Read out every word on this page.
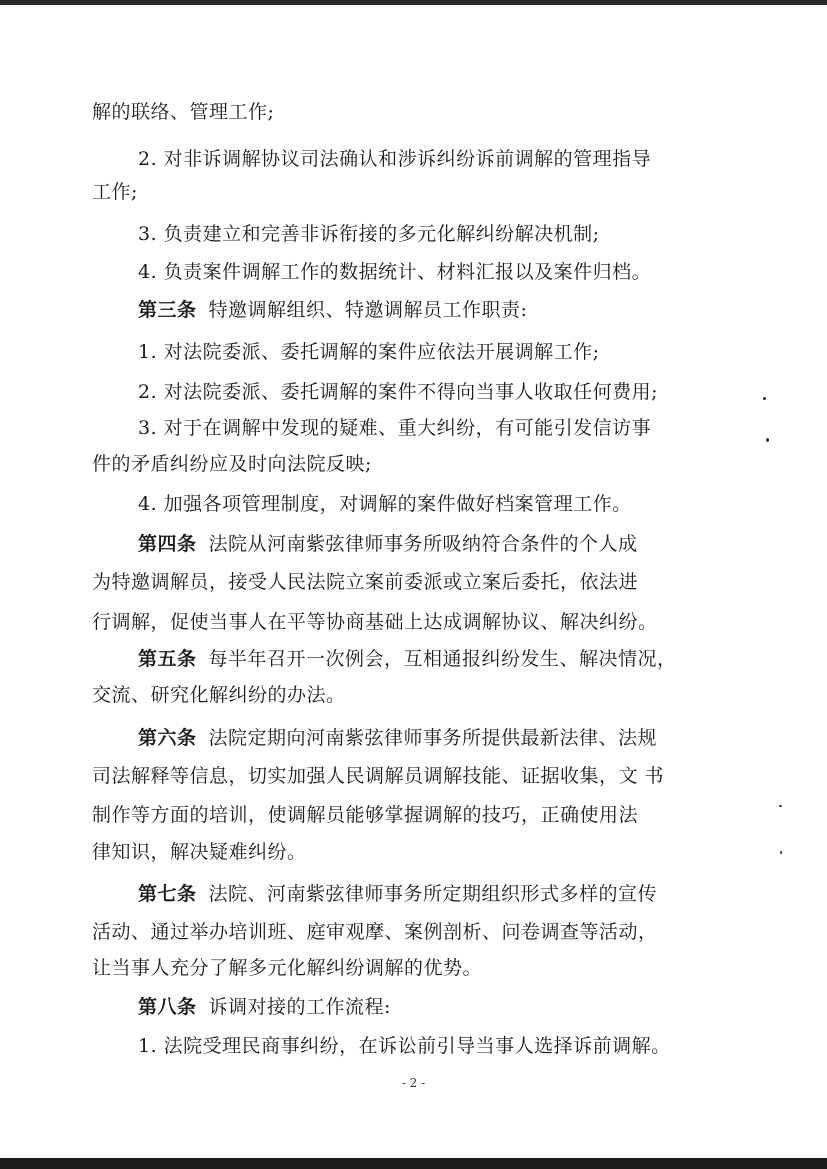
解的联络、管理工作;
2. 对非诉调解协议司法确认和涉诉纠纷诉前调解的管理指导
工作;
3. 负责建立和完善非诉衔接的多元化解纠纷解决机制;
4. 负责案件调解工作的数据统计、材料汇报以及案件归档。
第三条 特邀调解组织、特邀调解员工作职责:
1. 对法院委派、委托调解的案件应依法开展调解工作;
2. 对法院委派、委托调解的案件不得向当事人收取任何费用;
3. 对于在调解中发现的疑难、重大纠纷，有可能引发信访事
件的矛盾纠纷应及时向法院反映;
4. 加强各项管理制度，对调解的案件做好档案管理工作。
第四条 法院从河南紫弦律师事务所吸纳符合条件的个人成
为特邀调解员，接受人民法院立案前委派或立案后委托，依法进
行调解，促使当事人在平等协商基础上达成调解协议、解决纠纷。
第五条 每半年召开一次例会，互相通报纠纷发生、解决情况，
交流、研究化解纠纷的办法。
第六条 法院定期向河南紫弦律师事务所提供最新法律、法规
司法解释等信息，切实加强人民调解员调解技能、证据收集，文 书
制作等方面的培训，使调解员能够掌握调解的技巧，正确使用法
律知识，解决疑难纠纷。
第七条 法院、河南紫弦律师事务所定期组织形式多样的宣传
活动、通过举办培训班、庭审观摩、案例剖析、问卷调查等活动，
让当事人充分了解多元化解纠纷调解的优势。
第八条 诉调对接的工作流程:
1. 法院受理民商事纠纷，在诉讼前引导当事人选择诉前调解。
- 2 -
